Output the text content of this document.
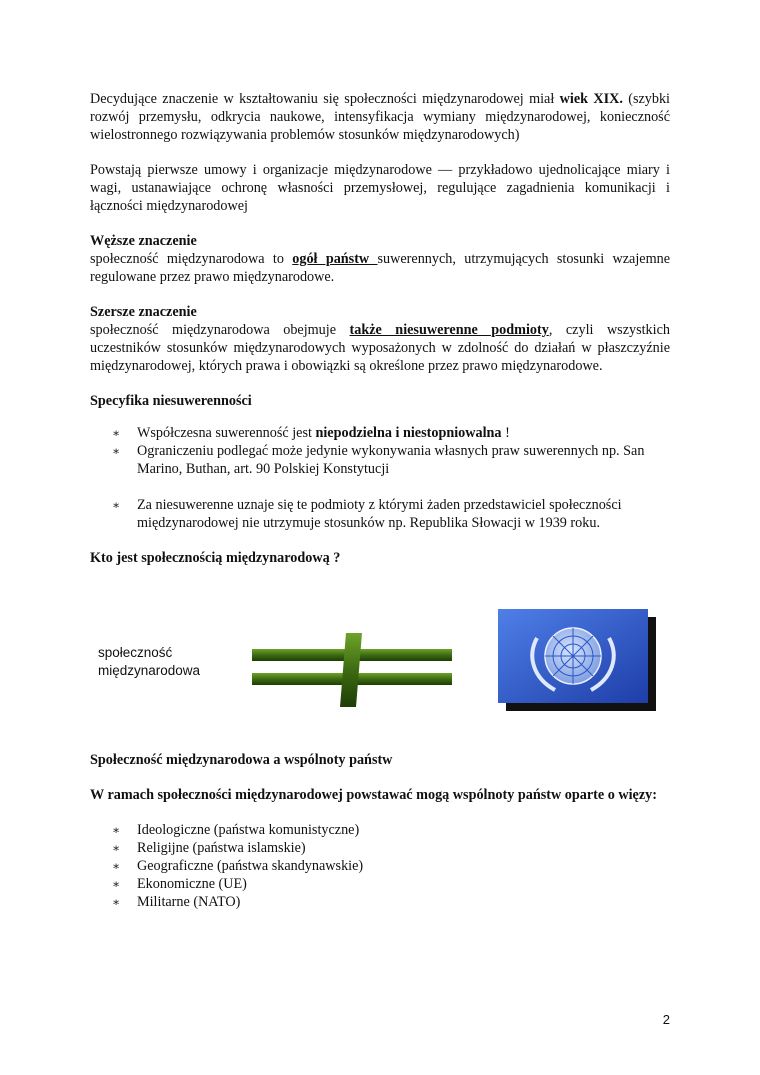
Decydujące znaczenie w kształtowaniu się społeczności międzynarodowej miał wiek XIX. (szybki rozwój przemysłu, odkrycia naukowe, intensyfikacja wymiany międzynarodowej, konieczność wielostronnego rozwiązywania problemów stosunków międzynarodowych)

Powstają pierwsze umowy i organizacje międzynarodowe — przykładowo ujednolicające miary i wagi, ustanawiające ochronę własności przemysłowej, regulujące zagadnienia komunikacji i łączności międzynarodowej

Węższe znaczenie

społeczność międzynarodowa to ogół państw suwerennych, utrzymujących stosunki wzajemne regulowane przez prawo międzynarodowe.

Szersze znaczenie

społeczność międzynarodowa obejmuje także niesuwerenne podmioty, czyli wszystkich uczestników stosunków międzynarodowych wyposażonych w zdolność do działań w płaszczyźnie międzynarodowej, których prawa i obowiązki są określone przez prawo międzynarodowe.

Specyfika niesuwerenności

∗ Współczesna suwerenność jest niepodzielna i niestopniowalna !
∗ Ograniczeniu podlegać może jedynie wykonywania własnych praw suwerennych np. San Marino, Buthan, art. 90 Polskiej Konstytucji
∗ Za niesuwerenne uznaje się te podmioty z którymi żaden przedstawiciel społeczności międzynarodowej nie utrzymuje stosunków np. Republika Słowacji w 1939 roku.

Kto jest społecznością międzynarodową ?

społeczność
międzynarodowa

Społeczność międzynarodowa a wspólnoty państw

W ramach społeczności międzynarodowej powstawać mogą wspólnoty państw oparte o więzy:

∗ Ideologiczne (państwa komunistyczne)
∗ Religijne (państwa islamskie)
∗ Geograficzne (państwa skandynawskie)
∗ Ekonomiczne (UE)
∗ Militarne (NATO)
2
